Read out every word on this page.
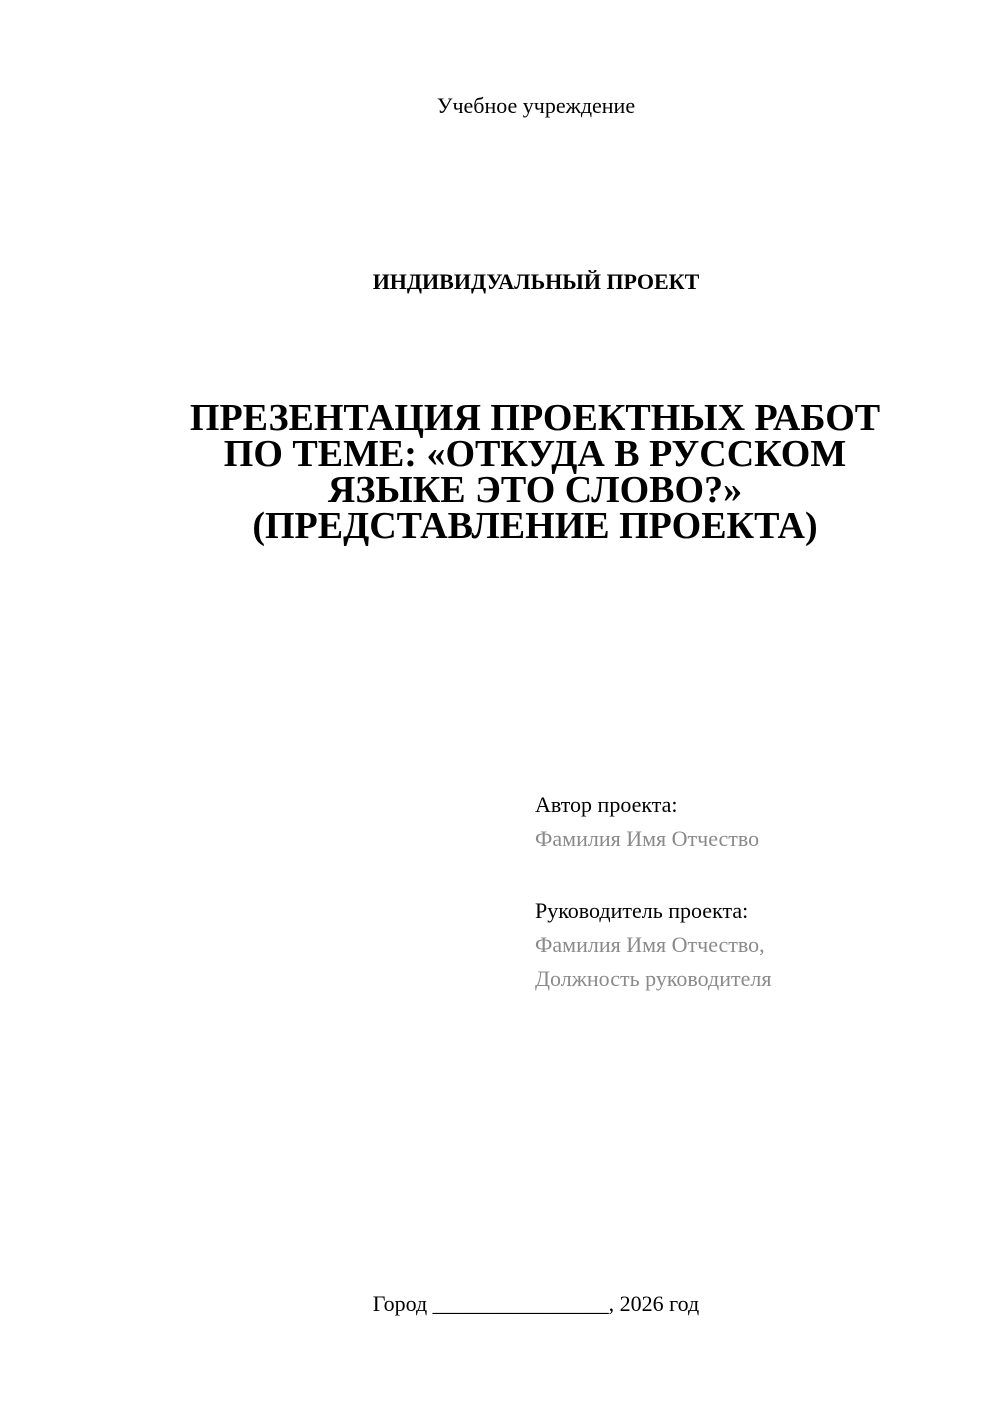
Учебное учреждение
ИНДИВИДУАЛЬНЫЙ ПРОЕКТ
ПРЕЗЕНТАЦИЯ ПРОЕКТНЫХ РАБОТ
ПО ТЕМЕ: «ОТКУДА В РУССКОМ
ЯЗЫКЕ ЭТО СЛОВО?»
(ПРЕДСТАВЛЕНИЕ ПРОЕКТА)
Автор проекта:
Фамилия Имя Отчество
Руководитель проекта:
Фамилия Имя Отчество,
Должность руководителя
Город ________________, 2026 год
